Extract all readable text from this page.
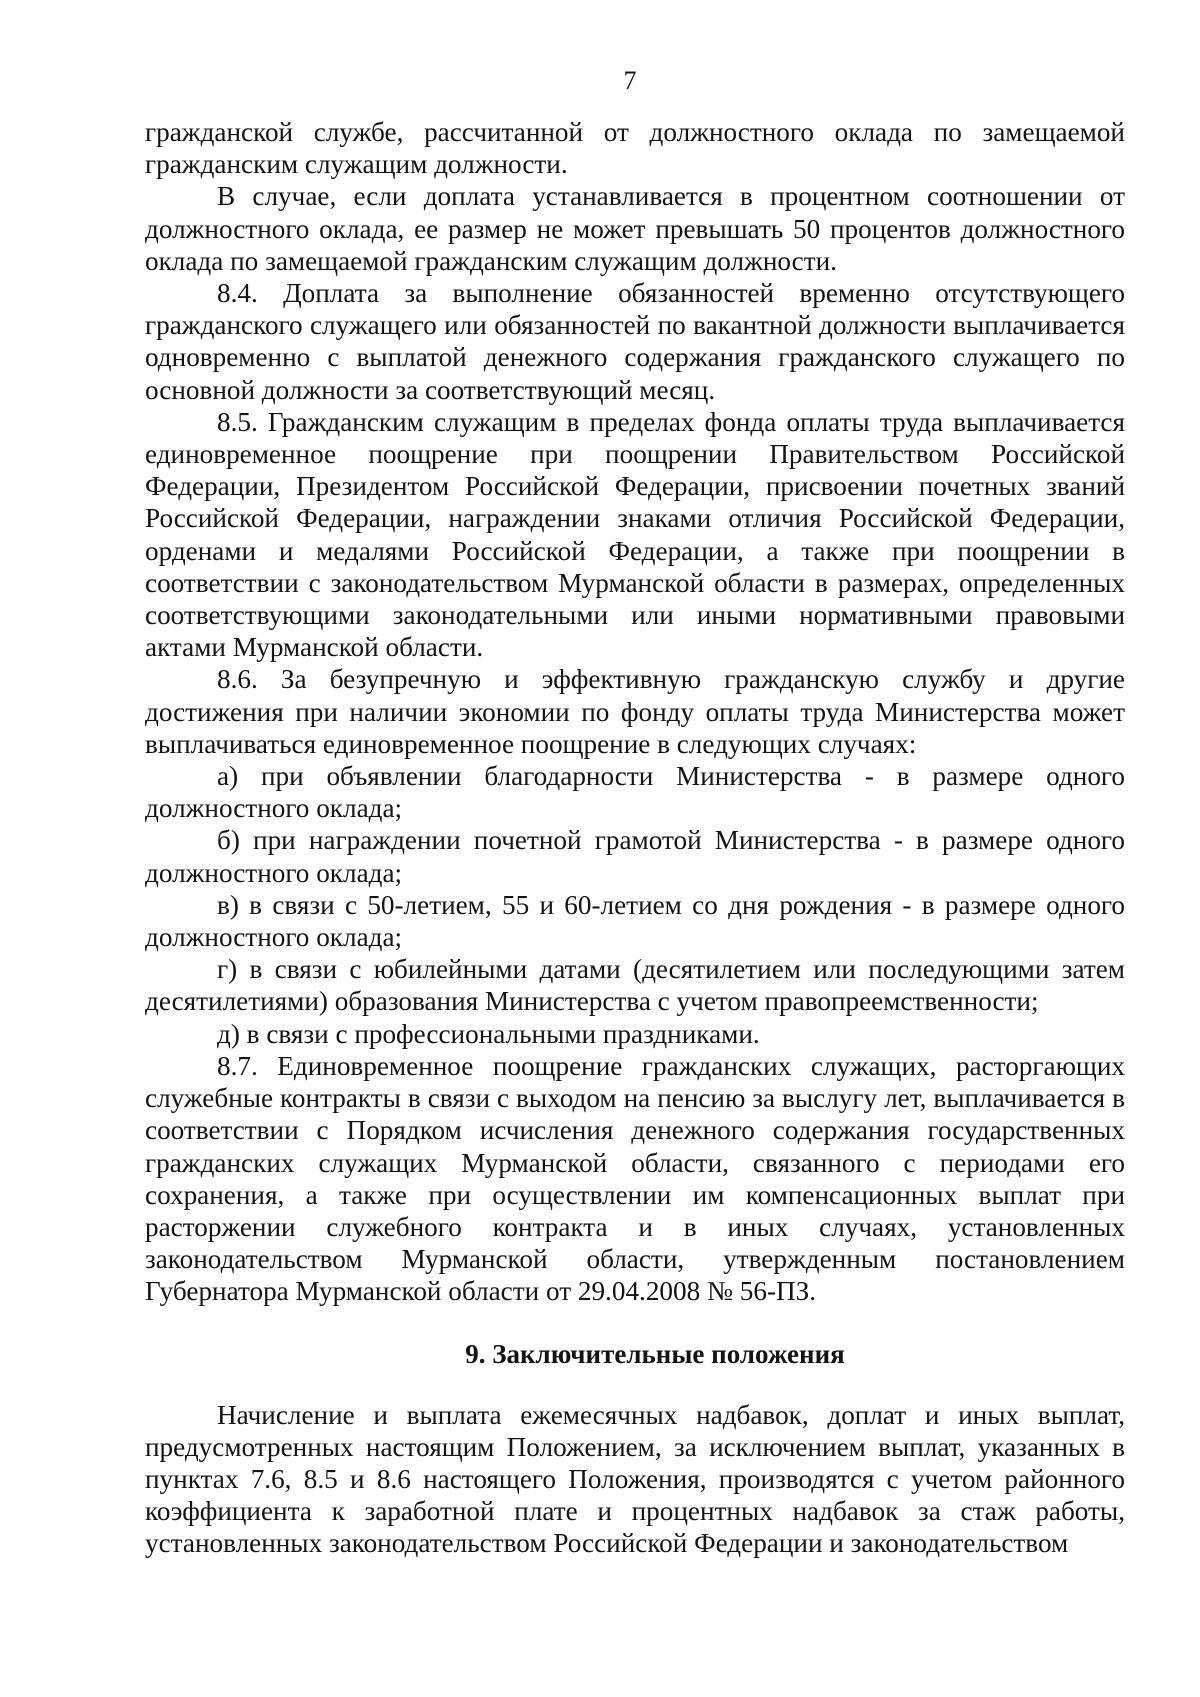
7

гражданской службе, рассчитанной от должностного оклада по замещаемой гражданским служащим должности.

В случае, если доплата устанавливается в процентном соотношении от должностного оклада, ее размер не может превышать 50 процентов должностного оклада по замещаемой гражданским служащим должности.

8.4. Доплата за выполнение обязанностей временно отсутствующего гражданского служащего или обязанностей по вакантной должности выплачивается одновременно с выплатой денежного содержания гражданского служащего по основной должности за соответствующий месяц.

8.5. Гражданским служащим в пределах фонда оплаты труда выплачивается единовременное поощрение при поощрении Правительством Российской Федерации, Президентом Российской Федерации, присвоении почетных званий Российской Федерации, награждении знаками отличия Российской Федерации, орденами и медалями Российской Федерации, а также при поощрении в соответствии с законодательством Мурманской области в размерах, определенных соответствующими законодательными или иными нормативными правовыми актами Мурманской области.

8.6. За безупречную и эффективную гражданскую службу и другие достижения при наличии экономии по фонду оплаты труда Министерства может выплачиваться единовременное поощрение в следующих случаях:

а) при объявлении благодарности Министерства - в размере одного должностного оклада;

б) при награждении почетной грамотой Министерства - в размере одного должностного оклада;

в) в связи с 50-летием, 55 и 60-летием со дня рождения - в размере одного должностного оклада;

г) в связи с юбилейными датами (десятилетием или последующими затем десятилетиями) образования Министерства с учетом правопреемственности;

д) в связи с профессиональными праздниками.

8.7. Единовременное поощрение гражданских служащих, расторгающих служебные контракты в связи с выходом на пенсию за выслугу лет, выплачивается в соответствии с Порядком исчисления денежного содержания государственных гражданских служащих Мурманской области, связанного с периодами его сохранения, а также при осуществлении им компенсационных выплат при расторжении служебного контракта и в иных случаях, установленных законодательством Мурманской области, утвержденным постановлением Губернатора Мурманской области от 29.04.2008 № 56-ПЗ.

9. Заключительные положения

Начисление и выплата ежемесячных надбавок, доплат и иных выплат, предусмотренных настоящим Положением, за исключением выплат, указанных в пунктах 7.6, 8.5 и 8.6 настоящего Положения, производятся с учетом районного коэффициента к заработной плате и процентных надбавок за стаж работы, установленных законодательством Российской Федерации и законодательством
